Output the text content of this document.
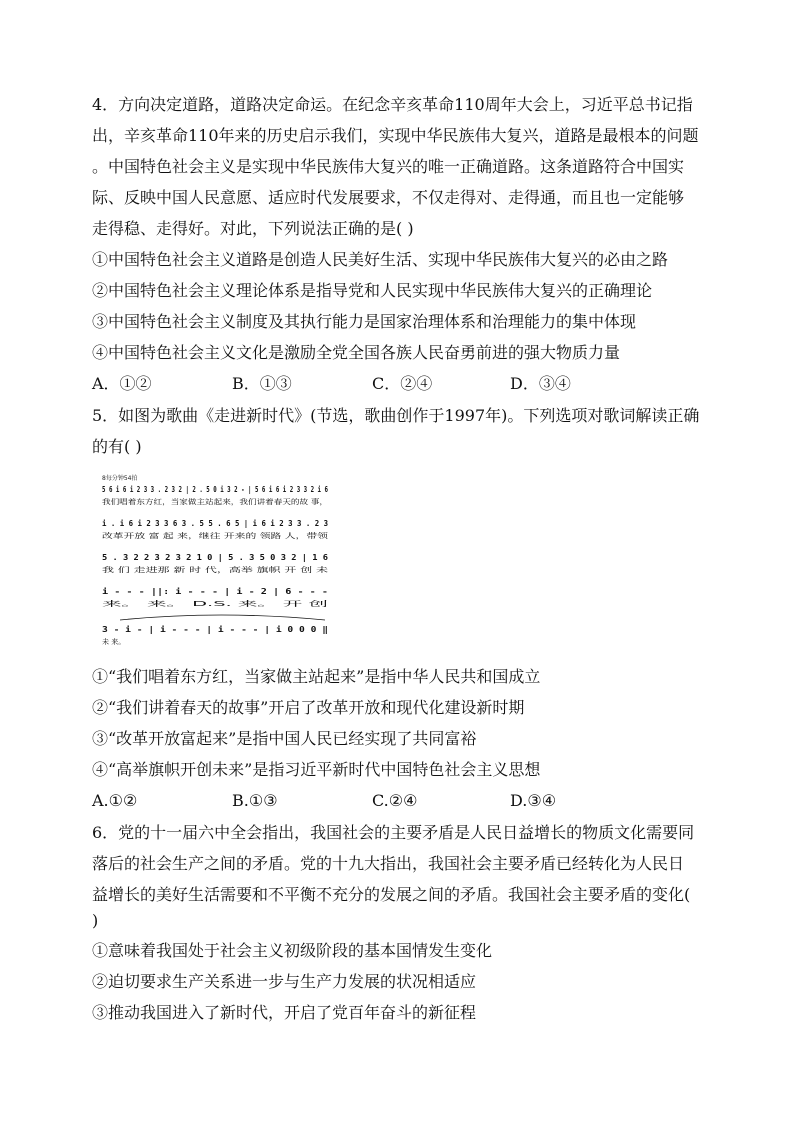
4．方向决定道路，道路决定命运。在纪念辛亥革命110周年大会上，习近平总书记指
出，辛亥革命110年来的历史启示我们，实现中华民族伟大复兴，道路是最根本的问题
。中国特色社会主义是实现中华民族伟大复兴的唯一正确道路。这条道路符合中国实
际、反映中国人民意愿、适应时代发展要求，不仅走得对、走得通，而且也一定能够
走得稳、走得好。对此，下列说法正确的是( )
①中国特色社会主义道路是创造人民美好生活、实现中华民族伟大复兴的必由之路
②中国特色社会主义理论体系是指导党和人民实现中华民族伟大复兴的正确理论
③中国特色社会主义制度及其执行能力是国家治理体系和治理能力的集中体现
④中国特色社会主义文化是激励全党全国各族人民奋勇前进的强大物质力量
A．①②	B．①③	C．②④	D．③④
5．如图为歌曲《走进新时代》(节选，歌曲创作于1997年)。下列选项对歌词解读正确
的有( )
8每分钟54拍
5 6 i 6 i 2 3 3 . 2 3 2 | 2 . 5 0 i 3 2 - | 5 6 i 6 i 2 3 3 2 i 6
我们唱着东方红，当家做主站起来，我们讲着春天的故 事，
i . i 6 i 2 3 3 6 3 . 5 5 . 6 5 | i 6 i 2 3 3 . 2 3
改革开放 富 起 来，继往 开来的 领路 人，带领
5 . 3 2 2 3 2 3 2 1 0 | 5 . 3 5 0 3 2 | 1 6
我 们 走进那 新 时 代，高举 旗帜 开 创 未
i - - - ||: i - - - | i - 2 | 6 - - -
来。 来。 D.S. 来。 开 创
3 - i - | i - - - | i - - - | i 0 0 0 ‖
未 来。
①“我们唱着东方红，当家做主站起来”是指中华人民共和国成立
②“我们讲着春天的故事”开启了改革开放和现代化建设新时期
③“改革开放富起来”是指中国人民已经实现了共同富裕
④“高举旗帜开创未来”是指习近平新时代中国特色社会主义思想
A.①②	B.①③	C.②④	D.③④
6．党的十一届六中全会指出，我国社会的主要矛盾是人民日益增长的物质文化需要同
落后的社会生产之间的矛盾。党的十九大指出，我国社会主要矛盾已经转化为人民日
益增长的美好生活需要和不平衡不充分的发展之间的矛盾。我国社会主要矛盾的变化(
)
①意味着我国处于社会主义初级阶段的基本国情发生变化
②迫切要求生产关系进一步与生产力发展的状况相适应
③推动我国进入了新时代，开启了党百年奋斗的新征程
